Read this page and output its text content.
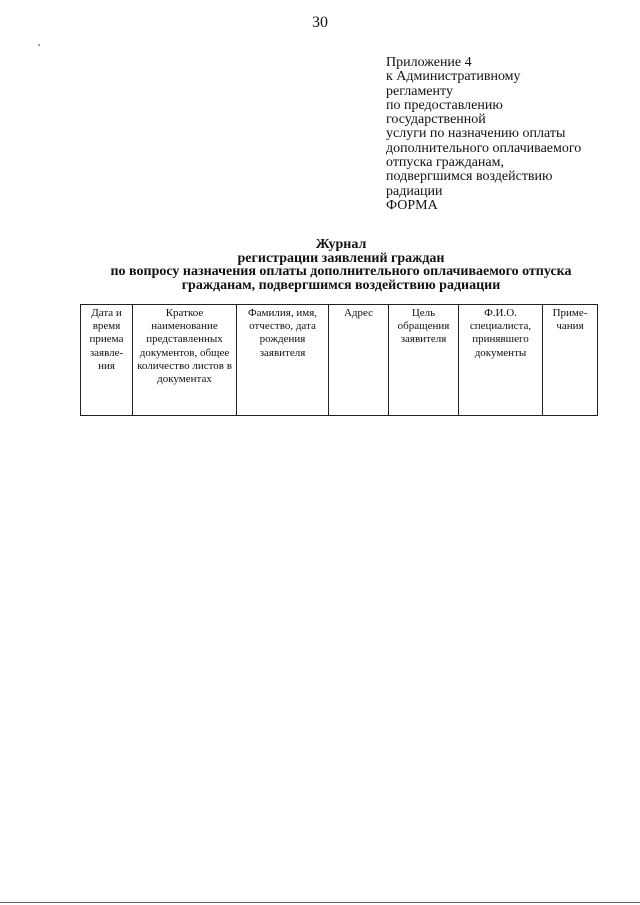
30
Приложение 4
к Административному
регламенту
по предоставлению
государственной
услуги по назначению оплаты
дополнительного оплачиваемого
отпуска гражданам,
подвергшимся воздействию
радиации
ФОРМА
Журнал
регистрации заявлений граждан
по вопросу назначения оплаты дополнительного оплачиваемого отпуска
гражданам, подвергшимся воздействию радиации
Дата и время приема заявле-ния	Краткое наименование представленных документов, общее количество листов в документах	Фамилия, имя, отчество, дата рождения заявителя	Адрес	Цель обращения заявителя	Ф.И.О. специалиста, принявшего документы	Приме-чания
